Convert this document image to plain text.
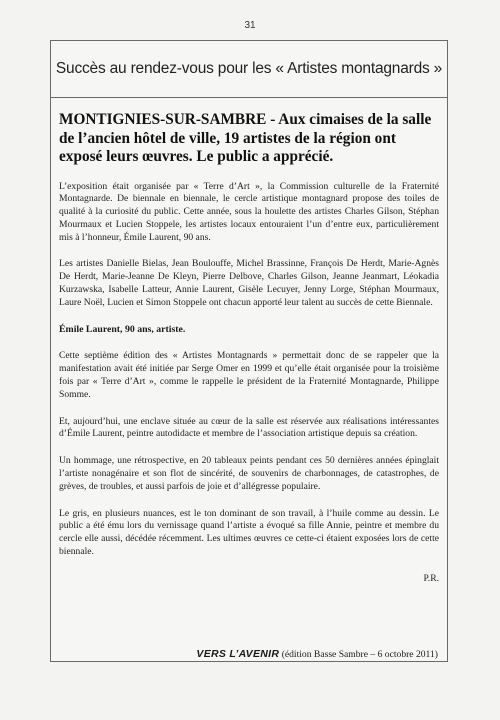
31
Succès au rendez-vous pour les « Artistes montagnards »

MONTIGNIES-SUR-SAMBRE - Aux cimaises de la salle de l’ancien hôtel de ville, 19 artistes de la région ont exposé leurs œuvres. Le public a apprécié.

L’exposition était organisée par « Terre d’Art », la Commission culturelle de la Fraternité Montagnarde. De biennale en biennale, le cercle artistique montagnard propose des toiles de qualité à la curiosité du public. Cette année, sous la houlette des artistes Charles Gilson, Stéphan Mourmaux et Lucien Stoppele, les artistes locaux entouraient l’un d’entre eux, particulièrement mis à l’honneur, Émile Laurent, 90 ans.

Les artistes Danielle Bielas, Jean Boulouffe, Michel Brassinne, François De Herdt, Marie-Agnès De Herdt, Marie-Jeanne De Kleyn, Pierre Delbove, Charles Gilson, Jeanne Jeanmart, Léokadia Kurzawska, Isabelle Latteur, Annie Laurent, Gisèle Lecuyer, Jenny Lorge, Stéphan Mourmaux, Laure Noël, Lucien et Simon Stoppele ont chacun apporté leur talent au succès de cette Biennale.

Émile Laurent, 90 ans, artiste.

Cette septième édition des « Artistes Montagnards » permettait donc de se rappeler que la manifestation avait été initiée par Serge Omer en 1999 et qu’elle était organisée pour la troisième fois par « Terre d’Art », comme le rappelle le président de la Fraternité Montagnarde, Philippe Somme.

Et, aujourd’hui, une enclave située au cœur de la salle est réservée aux réalisations intéressantes d’Émile Laurent, peintre autodidacte et membre de l’association artistique depuis sa création.

Un hommage, une rétrospective, en 20 tableaux peints pendant ces 50 dernières années épinglait l’artiste nonagénaire et son flot de sincérité, de souvenirs de charbonnages, de catastrophes, de grèves, de troubles, et aussi parfois de joie et d’allégresse populaire.

Le gris, en plusieurs nuances, est le ton dominant de son travail, à l’huile comme au dessin. Le public a été ému lors du vernissage quand l’artiste a évoqué sa fille Annie, peintre et membre du cercle elle aussi, décédée récemment. Les ultimes œuvres ce cette-ci étaient exposées lors de cette biennale.

P.R.

VERS L’AVENIR (édition Basse Sambre – 6 octobre 2011)
